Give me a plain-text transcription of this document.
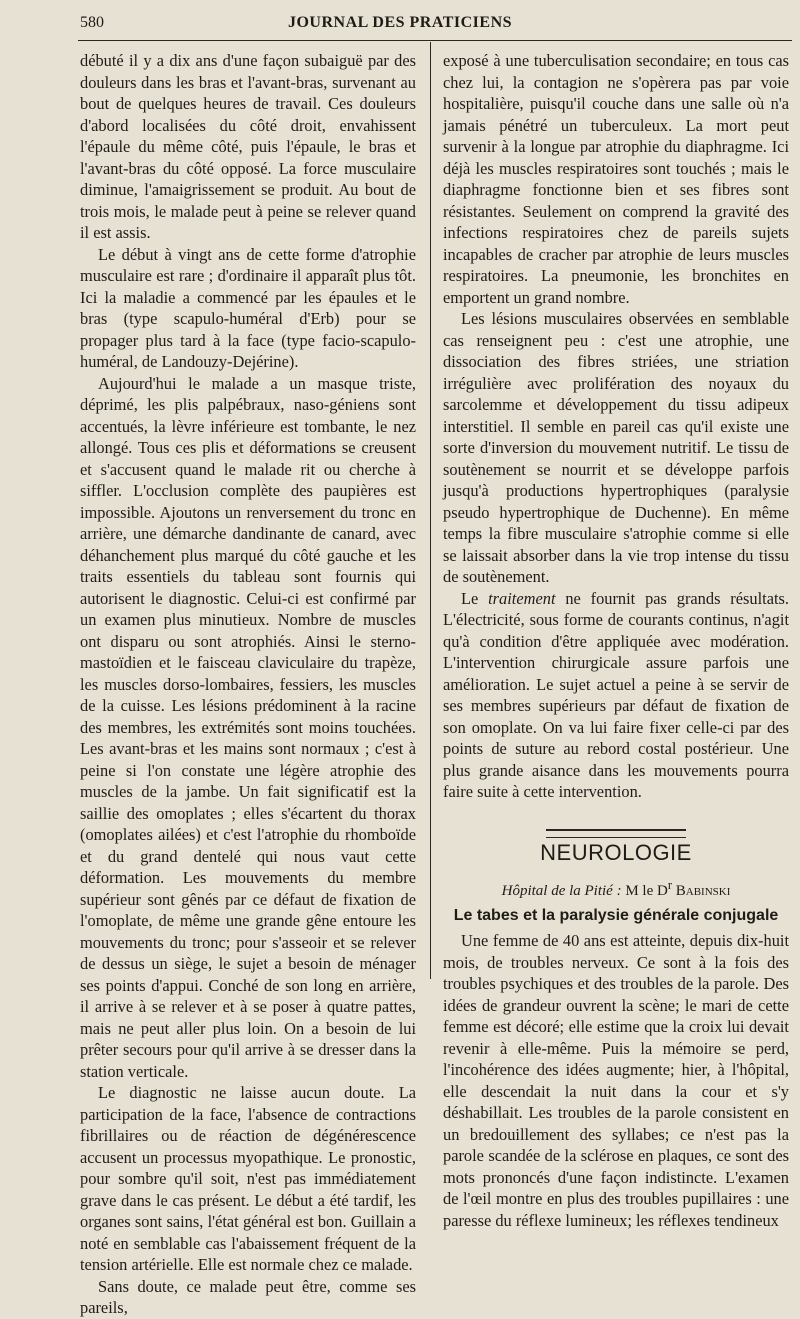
580	JOURNAL DES PRATICIENS

débuté il y a dix ans d'une façon subaiguë par des douleurs dans les bras et l'avant-bras, survenant au bout de quelques heures de travail. Ces douleurs d'abord localisées du côté droit, envahissent l'épaule du même côté, puis l'épaule, le bras et l'avant-bras du côté opposé. La force musculaire diminue, l'amaigrissement se produit. Au bout de trois mois, le malade peut à peine se relever quand il est assis.

Le début à vingt ans de cette forme d'atrophie musculaire est rare ; d'ordinaire il apparaît plus tôt. Ici la maladie a commencé par les épaules et le bras (type scapulo-huméral d'Erb) pour se propager plus tard à la face (type facio-scapulo-huméral, de Landouzy-Dejérine).

Aujourd'hui le malade a un masque triste, déprimé, les plis palpébraux, naso-géniens sont accentués, la lèvre inférieure est tombante, le nez allongé. Tous ces plis et déformations se creusent et s'accusent quand le malade rit ou cherche à siffler. L'occlusion complète des paupières est impossible. Ajoutons un renversement du tronc en arrière, une démarche dandinante de canard, avec déhanchement plus marqué du côté gauche et les traits essentiels du tableau sont fournis qui autorisent le diagnostic. Celui-ci est confirmé par un examen plus minutieux. Nombre de muscles ont disparu ou sont atrophiés. Ainsi le sterno-mastoïdien et le faisceau claviculaire du trapèze, les muscles dorso-lombaires, fessiers, les muscles de la cuisse. Les lésions prédominent à la racine des membres, les extrémités sont moins touchées. Les avant-bras et les mains sont normaux ; c'est à peine si l'on constate une légère atrophie des muscles de la jambe. Un fait significatif est la saillie des omoplates ; elles s'écartent du thorax (omoplates ailées) et c'est l'atrophie du rhomboïde et du grand dentelé qui nous vaut cette déformation. Les mouvements du membre supérieur sont gênés par ce défaut de fixation de l'omoplate, de même une grande gêne entoure les mouvements du tronc; pour s'asseoir et se relever de dessus un siège, le sujet a besoin de ménager ses points d'appui. Conché de son long en arrière, il arrive à se relever et à se poser à quatre pattes, mais ne peut aller plus loin. On a besoin de lui prêter secours pour qu'il arrive à se dresser dans la station verticale.

Le diagnostic ne laisse aucun doute. La participation de la face, l'absence de contractions fibrillaires ou de réaction de dégénérescence accusent un processus myopathique. Le pronostic, pour sombre qu'il soit, n'est pas immédiatement grave dans le cas présent. Le début a été tardif, les organes sont sains, l'état général est bon. Guillain a noté en semblable cas l'abaissement fréquent de la tension artérielle. Elle est normale chez ce malade.

Sans doute, ce malade peut être, comme ses pareils,

exposé à une tuberculisation secondaire; en tous cas chez lui, la contagion ne s'opèrera pas par voie hospitalière, puisqu'il couche dans une salle où n'a jamais pénétré un tuberculeux. La mort peut survenir à la longue par atrophie du diaphragme. Ici déjà les muscles respiratoires sont touchés ; mais le diaphragme fonctionne bien et ses fibres sont résistantes. Seulement on comprend la gravité des infections respiratoires chez de pareils sujets incapables de cracher par atrophie de leurs muscles respiratoires. La pneumonie, les bronchites en emportent un grand nombre.

Les lésions musculaires observées en semblable cas renseignent peu : c'est une atrophie, une dissociation des fibres striées, une striation irrégulière avec prolifération des noyaux du sarcolemme et développement du tissu adipeux interstitiel. Il semble en pareil cas qu'il existe une sorte d'inversion du mouvement nutritif. Le tissu de soutènement se nourrit et se développe parfois jusqu'à productions hypertrophiques (paralysie pseudo hypertrophique de Duchenne). En même temps la fibre musculaire s'atrophie comme si elle se laissait absorber dans la vie trop intense du tissu de soutènement.

Le traitement ne fournit pas grands résultats. L'électricité, sous forme de courants continus, n'agit qu'à condition d'être appliquée avec modération. L'intervention chirurgicale assure parfois une amélioration. Le sujet actuel a peine à se servir de ses membres supérieurs par défaut de fixation de son omoplate. On va lui faire fixer celle-ci par des points de suture au rebord costal postérieur. Une plus grande aisance dans les mouvements pourra faire suite à cette intervention.

NEUROLOGIE

Hôpital de la Pitié : M le $D^r$ Babinski

Le tabes et la paralysie générale conjugale

Une femme de 40 ans est atteinte, depuis dix-huit mois, de troubles nerveux. Ce sont à la fois des troubles psychiques et des troubles de la parole. Des idées de grandeur ouvrent la scène; le mari de cette femme est décoré; elle estime que la croix lui devait revenir à elle-même. Puis la mémoire se perd, l'incohérence des idées augmente; hier, à l'hôpital, elle descendait la nuit dans la cour et s'y déshabillait. Les troubles de la parole consistent en un bredouillement des syllabes; ce n'est pas la parole scandée de la sclérose en plaques, ce sont des mots prononcés d'une façon indistincte. L'examen de l'œil montre en plus des troubles pupillaires : une paresse du réflexe lumineux; les réflexes tendineux
